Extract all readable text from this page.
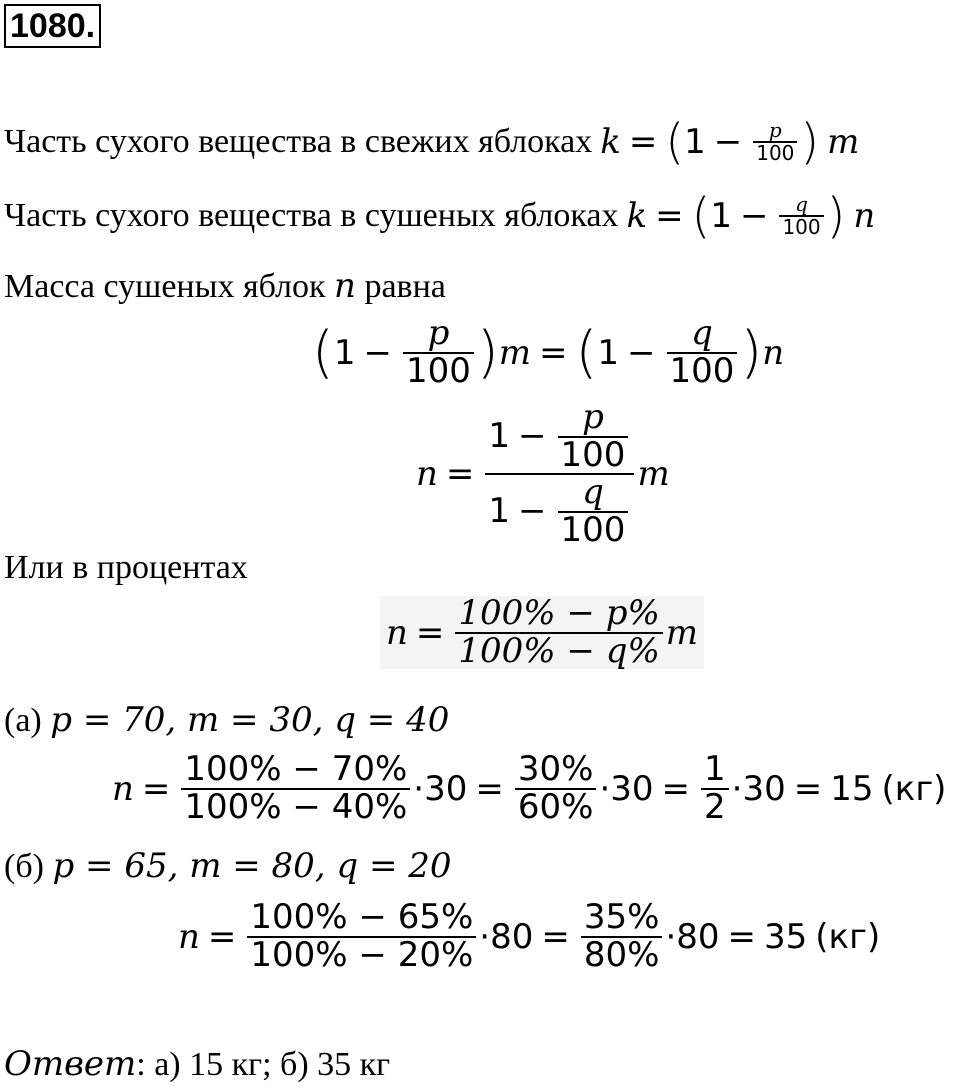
1080.
Часть сухого вещества в свежих яблоках k = ( $1 - \frac{p}{100}$ ) m
Часть сухого вещества в сушеных яблоках k = ( $1 - \frac{q}{100}$ ) n
Масса сушеных яблок n равна
( $1 - \frac{p}{100}$ ) m = ( $1 - \frac{q}{100}$ ) n
$n = \frac{1 - \frac{p}{100}}{1 - \frac{q}{100}}$ m
Или в процентах
$n = \frac{100\% - p\%}{100\% - q\%}$ m
(а) p = 70, m = 30, q = 40
$n = \frac{100\% - 70\%}{100\% - 40\%} \cdot 30 = \frac{30\%}{60\%} \cdot 30 = \frac{1}{2} \cdot 30 = 15$ (кг)
(б) p = 65, m = 80, q = 20
$n = \frac{100\% - 65\%}{100\% - 20\%} \cdot 80 = \frac{35\%}{80\%} \cdot 80 = 35$ (кг)
Ответ: а) 15 кг; б) 35 кг
